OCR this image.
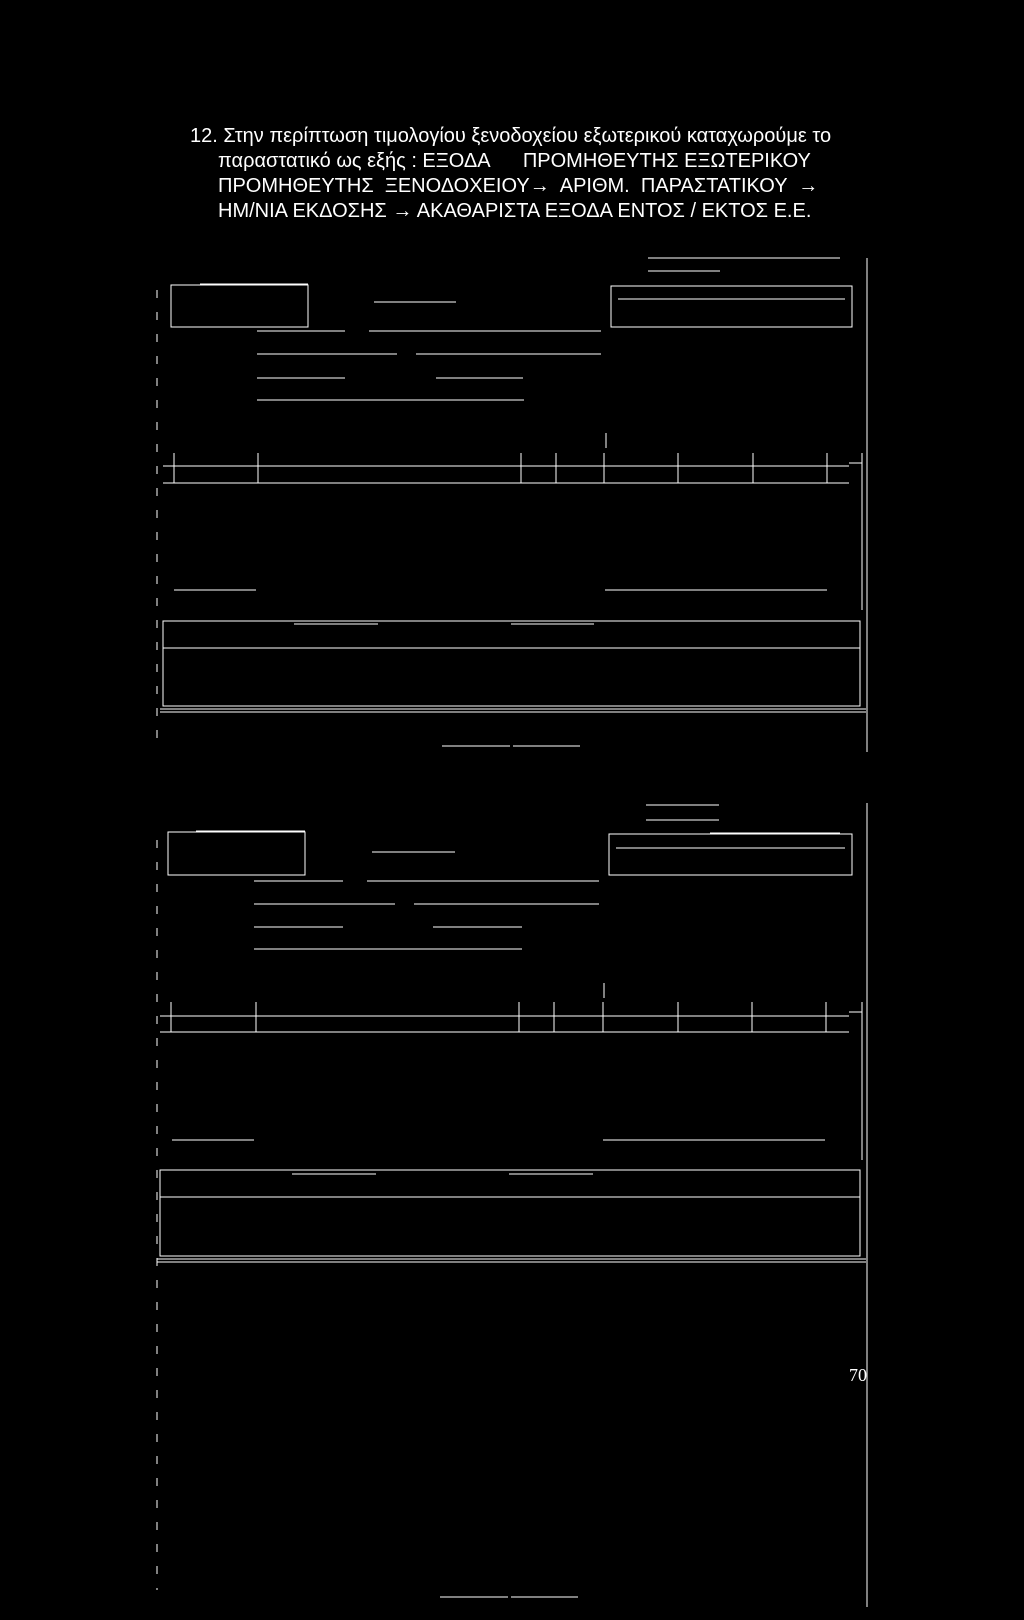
12. Στην περίπτωση τιμολογίου ξενοδοχείου εξωτερικού καταχωρούμε το
παραστατικό ως εξής : ΕΞΟΔΑ      ΠΡΟΜΗΘΕΥΤΗΣ ΕΞΩΤΕΡΙΚΟΥ
ΠΡΟΜΗΘΕΥΤΗΣ  ΞΕΝΟΔΟΧΕΙΟΥ→  ΑΡΙΘΜ.  ΠΑΡΑΣΤΑΤΙΚΟΥ  →
ΗΜ/ΝΙΑ ΕΚΔΟΣΗΣ → ΑΚΑΘΑΡΙΣΤΑ ΕΞΟΔΑ ΕΝΤΟΣ / ΕΚΤΟΣ Ε.Ε.
70
